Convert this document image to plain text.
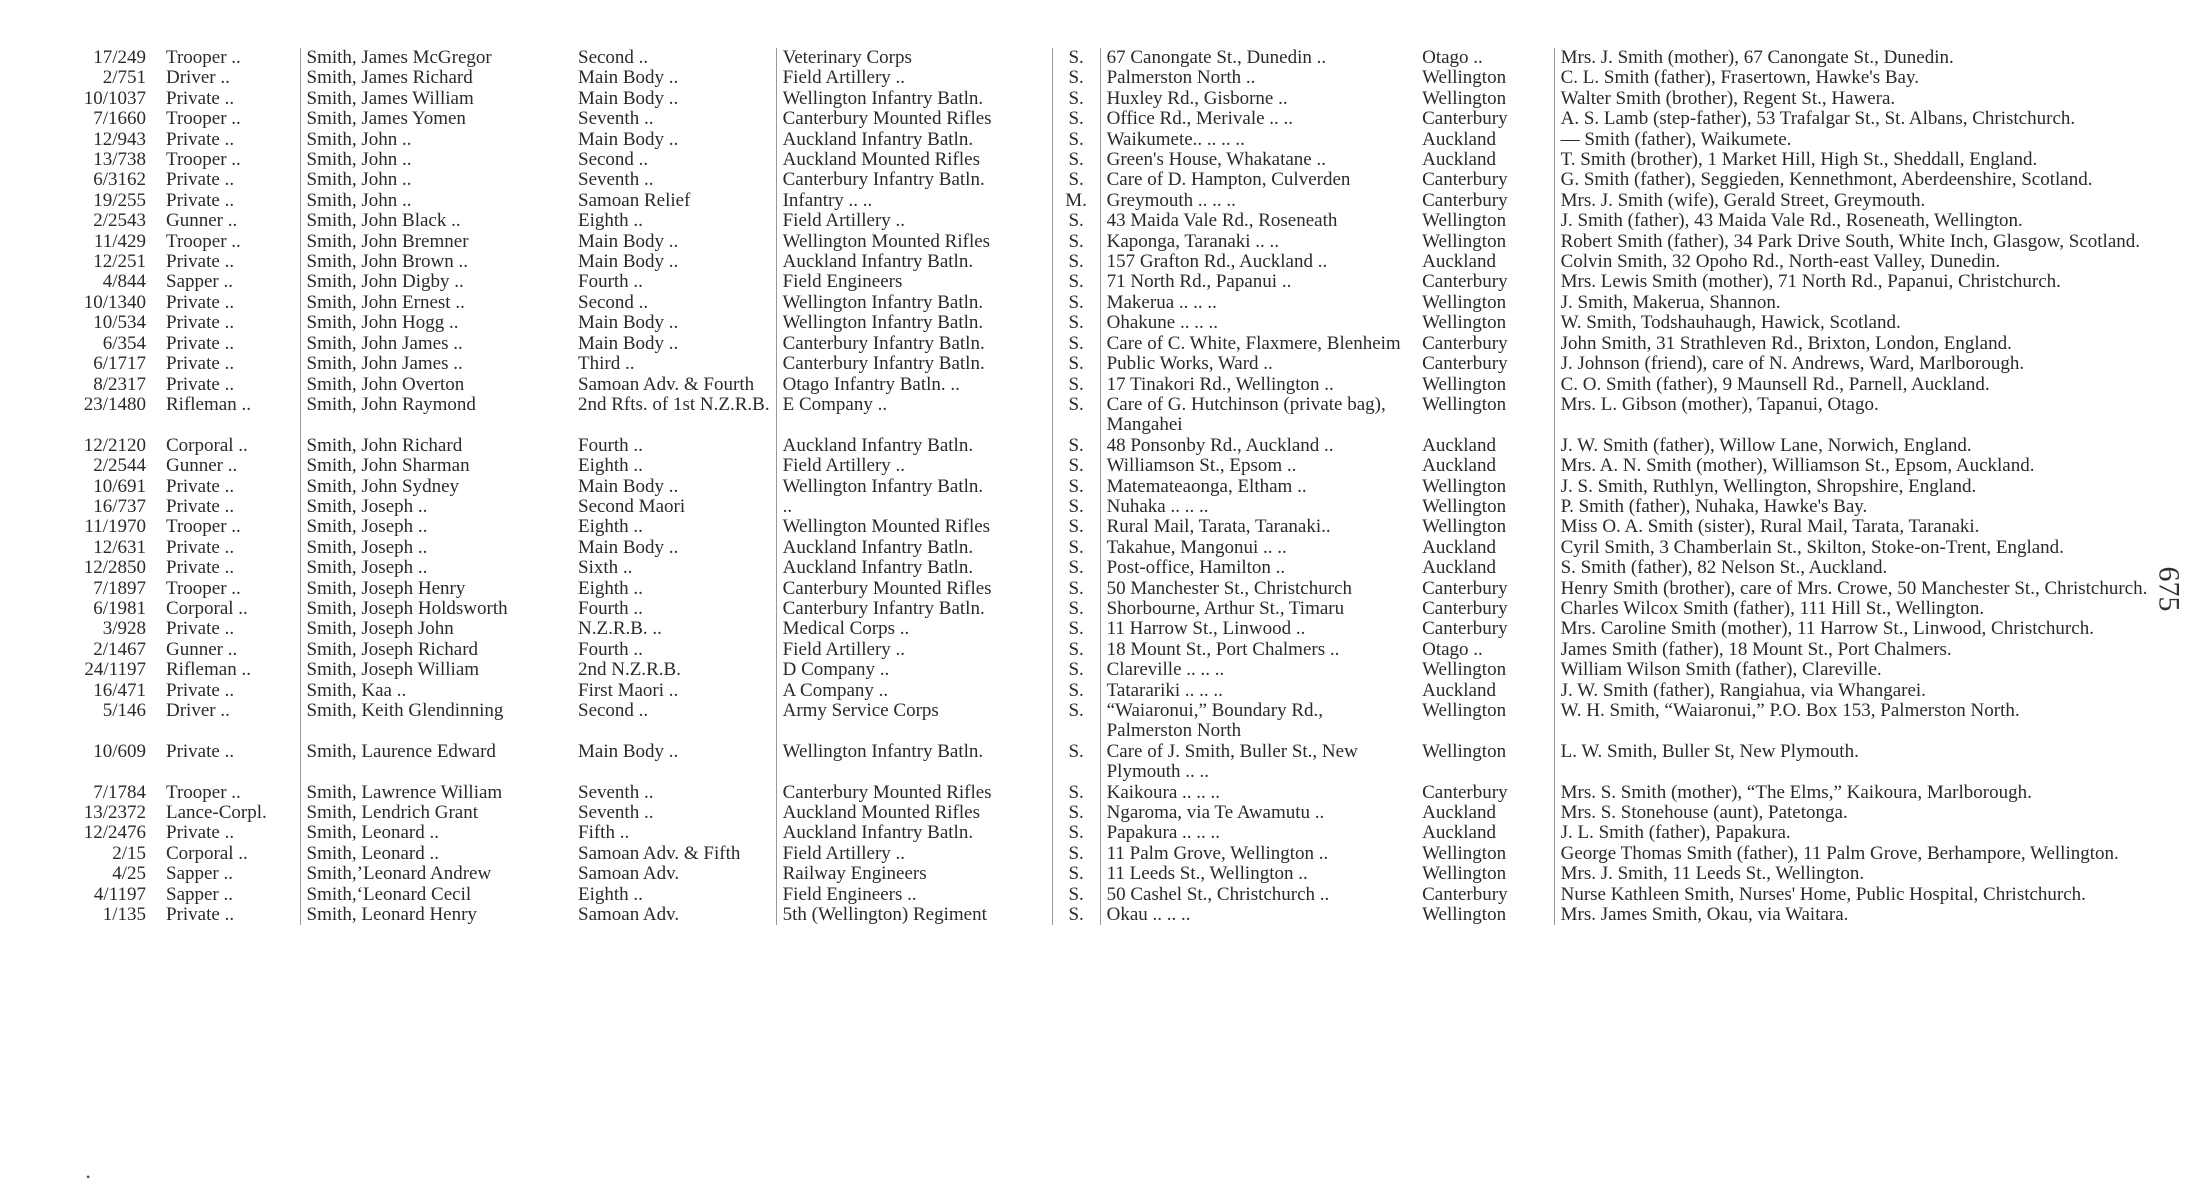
17/249	Trooper ..	Smith, James McGregor	Second ..	Veterinary Corps	S.	67 Canongate St., Dunedin ..	Otago ..	Mrs. J. Smith (mother), 67 Canongate St., Dunedin.
2/751	Driver ..	Smith, James Richard	Main Body ..	Field Artillery ..	S.	Palmerston North ..	Wellington	C. L. Smith (father), Frasertown, Hawke's Bay.
10/1037	Private ..	Smith, James William	Main Body ..	Wellington Infantry Batln.	S.	Huxley Rd., Gisborne ..	Wellington	Walter Smith (brother), Regent St., Hawera.
7/1660	Trooper ..	Smith, James Yomen	Seventh ..	Canterbury Mounted Rifles	S.	Office Rd., Merivale .. ..	Canterbury	A. S. Lamb (step-father), 53 Trafalgar St., St. Albans, Christchurch.
12/943	Private ..	Smith, John ..	Main Body ..	Auckland Infantry Batln.	S.	Waikumete.. .. .. ..	Auckland	— Smith (father), Waikumete.
13/738	Trooper ..	Smith, John ..	Second ..	Auckland Mounted Rifles	S.	Green's House, Whakatane ..	Auckland	T. Smith (brother), 1 Market Hill, High St., Sheddall, England.
6/3162	Private ..	Smith, John ..	Seventh ..	Canterbury Infantry Batln.	S.	Care of D. Hampton, Culverden	Canterbury	G. Smith (father), Seggieden, Kennethmont, Aberdeenshire, Scotland.
19/255	Private ..	Smith, John ..	Samoan Relief	Infantry .. ..	M.	Greymouth .. .. ..	Canterbury	Mrs. J. Smith (wife), Gerald Street, Greymouth.
2/2543	Gunner ..	Smith, John Black ..	Eighth ..	Field Artillery ..	S.	43 Maida Vale Rd., Roseneath	Wellington	J. Smith (father), 43 Maida Vale Rd., Roseneath, Wellington.
11/429	Trooper ..	Smith, John Bremner	Main Body ..	Wellington Mounted Rifles	S.	Kaponga, Taranaki .. ..	Wellington	Robert Smith (father), 34 Park Drive South, White Inch, Glasgow, Scotland.
12/251	Private ..	Smith, John Brown ..	Main Body ..	Auckland Infantry Batln.	S.	157 Grafton Rd., Auckland ..	Auckland	Colvin Smith, 32 Opoho Rd., North-east Valley, Dunedin.
4/844	Sapper ..	Smith, John Digby ..	Fourth ..	Field Engineers	S.	71 North Rd., Papanui ..	Canterbury	Mrs. Lewis Smith (mother), 71 North Rd., Papanui, Christchurch.
10/1340	Private ..	Smith, John Ernest ..	Second ..	Wellington Infantry Batln.	S.	Makerua .. .. ..	Wellington	J. Smith, Makerua, Shannon.
10/534	Private ..	Smith, John Hogg ..	Main Body ..	Wellington Infantry Batln.	S.	Ohakune .. .. ..	Wellington	W. Smith, Todshauhaugh, Hawick, Scotland.
6/354	Private ..	Smith, John James ..	Main Body ..	Canterbury Infantry Batln.	S.	Care of C. White, Flaxmere, Blenheim	Canterbury	John Smith, 31 Strathleven Rd., Brixton, London, England.
6/1717	Private ..	Smith, John James ..	Third ..	Canterbury Infantry Batln.	S.	Public Works, Ward ..	Canterbury	J. Johnson (friend), care of N. Andrews, Ward, Marlborough.
8/2317	Private ..	Smith, John Overton	Samoan Adv. & Fourth	Otago Infantry Batln. ..	S.	17 Tinakori Rd., Wellington ..	Wellington	C. O. Smith (father), 9 Maunsell Rd., Parnell, Auckland.
23/1480	Rifleman ..	Smith, John Raymond	2nd Rfts. of 1st N.Z.R.B.	E Company ..	S.	Care of G. Hutchinson (private bag), Mangahei	Wellington	Mrs. L. Gibson (mother), Tapanui, Otago.
12/2120	Corporal ..	Smith, John Richard	Fourth ..	Auckland Infantry Batln.	S.	48 Ponsonby Rd., Auckland ..	Auckland	J. W. Smith (father), Willow Lane, Norwich, England.
2/2544	Gunner ..	Smith, John Sharman	Eighth ..	Field Artillery ..	S.	Williamson St., Epsom ..	Auckland	Mrs. A. N. Smith (mother), Williamson St., Epsom, Auckland.
10/691	Private ..	Smith, John Sydney	Main Body ..	Wellington Infantry Batln.	S.	Matemateaonga, Eltham ..	Wellington	J. S. Smith, Ruthlyn, Wellington, Shropshire, England.
16/737	Private ..	Smith, Joseph ..	Second Maori	..	S.	Nuhaka .. .. ..	Wellington	P. Smith (father), Nuhaka, Hawke's Bay.
11/1970	Trooper ..	Smith, Joseph ..	Eighth ..	Wellington Mounted Rifles	S.	Rural Mail, Tarata, Taranaki..	Wellington	Miss O. A. Smith (sister), Rural Mail, Tarata, Taranaki.
12/631	Private ..	Smith, Joseph ..	Main Body ..	Auckland Infantry Batln.	S.	Takahue, Mangonui .. ..	Auckland	Cyril Smith, 3 Chamberlain St., Skilton, Stoke-on-Trent, England.
12/2850	Private ..	Smith, Joseph ..	Sixth ..	Auckland Infantry Batln.	S.	Post-office, Hamilton ..	Auckland	S. Smith (father), 82 Nelson St., Auckland.
7/1897	Trooper ..	Smith, Joseph Henry	Eighth ..	Canterbury Mounted Rifles	S.	50 Manchester St., Christchurch	Canterbury	Henry Smith (brother), care of Mrs. Crowe, 50 Manchester St., Christchurch.
6/1981	Corporal ..	Smith, Joseph Holdsworth	Fourth ..	Canterbury Infantry Batln.	S.	Shorbourne, Arthur St., Timaru	Canterbury	Charles Wilcox Smith (father), 111 Hill St., Wellington.
3/928	Private ..	Smith, Joseph John	N.Z.R.B. ..	Medical Corps ..	S.	11 Harrow St., Linwood ..	Canterbury	Mrs. Caroline Smith (mother), 11 Harrow St., Linwood, Christchurch.
2/1467	Gunner ..	Smith, Joseph Richard	Fourth ..	Field Artillery ..	S.	18 Mount St., Port Chalmers ..	Otago ..	James Smith (father), 18 Mount St., Port Chalmers.
24/1197	Rifleman ..	Smith, Joseph William	2nd N.Z.R.B.	D Company ..	S.	Clareville .. .. ..	Wellington	William Wilson Smith (father), Clareville.
16/471	Private ..	Smith, Kaa ..	First Maori ..	A Company ..	S.	Tatarariki .. .. ..	Auckland	J. W. Smith (father), Rangiahua, via Whangarei.
5/146	Driver ..	Smith, Keith Glendinning	Second ..	Army Service Corps	S.	“Waiaronui,” Boundary Rd., Palmerston North	Wellington	W. H. Smith, “Waiaronui,” P.O. Box 153, Palmerston North.
10/609	Private ..	Smith, Laurence Edward	Main Body ..	Wellington Infantry Batln.	S.	Care of J. Smith, Buller St., New Plymouth .. ..	Wellington	L. W. Smith, Buller St, New Plymouth.
7/1784	Trooper ..	Smith, Lawrence William	Seventh ..	Canterbury Mounted Rifles	S.	Kaikoura .. .. ..	Canterbury	Mrs. S. Smith (mother), “The Elms,” Kaikoura, Marlborough.
13/2372	Lance-Corpl.	Smith, Lendrich Grant	Seventh ..	Auckland Mounted Rifles	S.	Ngaroma, via Te Awamutu ..	Auckland	Mrs. S. Stonehouse (aunt), Patetonga.
12/2476	Private ..	Smith, Leonard ..	Fifth ..	Auckland Infantry Batln.	S.	Papakura .. .. ..	Auckland	J. L. Smith (father), Papakura.
2/15	Corporal ..	Smith, Leonard ..	Samoan Adv. & Fifth	Field Artillery ..	S.	11 Palm Grove, Wellington ..	Wellington	George Thomas Smith (father), 11 Palm Grove, Berhampore, Wellington.
4/25	Sapper ..	Smith,’Leonard Andrew	Samoan Adv.	Railway Engineers	S.	11 Leeds St., Wellington ..	Wellington	Mrs. J. Smith, 11 Leeds St., Wellington.
4/1197	Sapper ..	Smith,ʻLeonard Cecil	Eighth ..	Field Engineers ..	S.	50 Cashel St., Christchurch ..	Canterbury	Nurse Kathleen Smith, Nurses' Home, Public Hospital, Christchurch.
1/135	Private ..	Smith, Leonard Henry	Samoan Adv.	5th (Wellington) Regiment	S.	Okau .. .. ..	Wellington	Mrs. James Smith, Okau, via Waitara.
675
•
